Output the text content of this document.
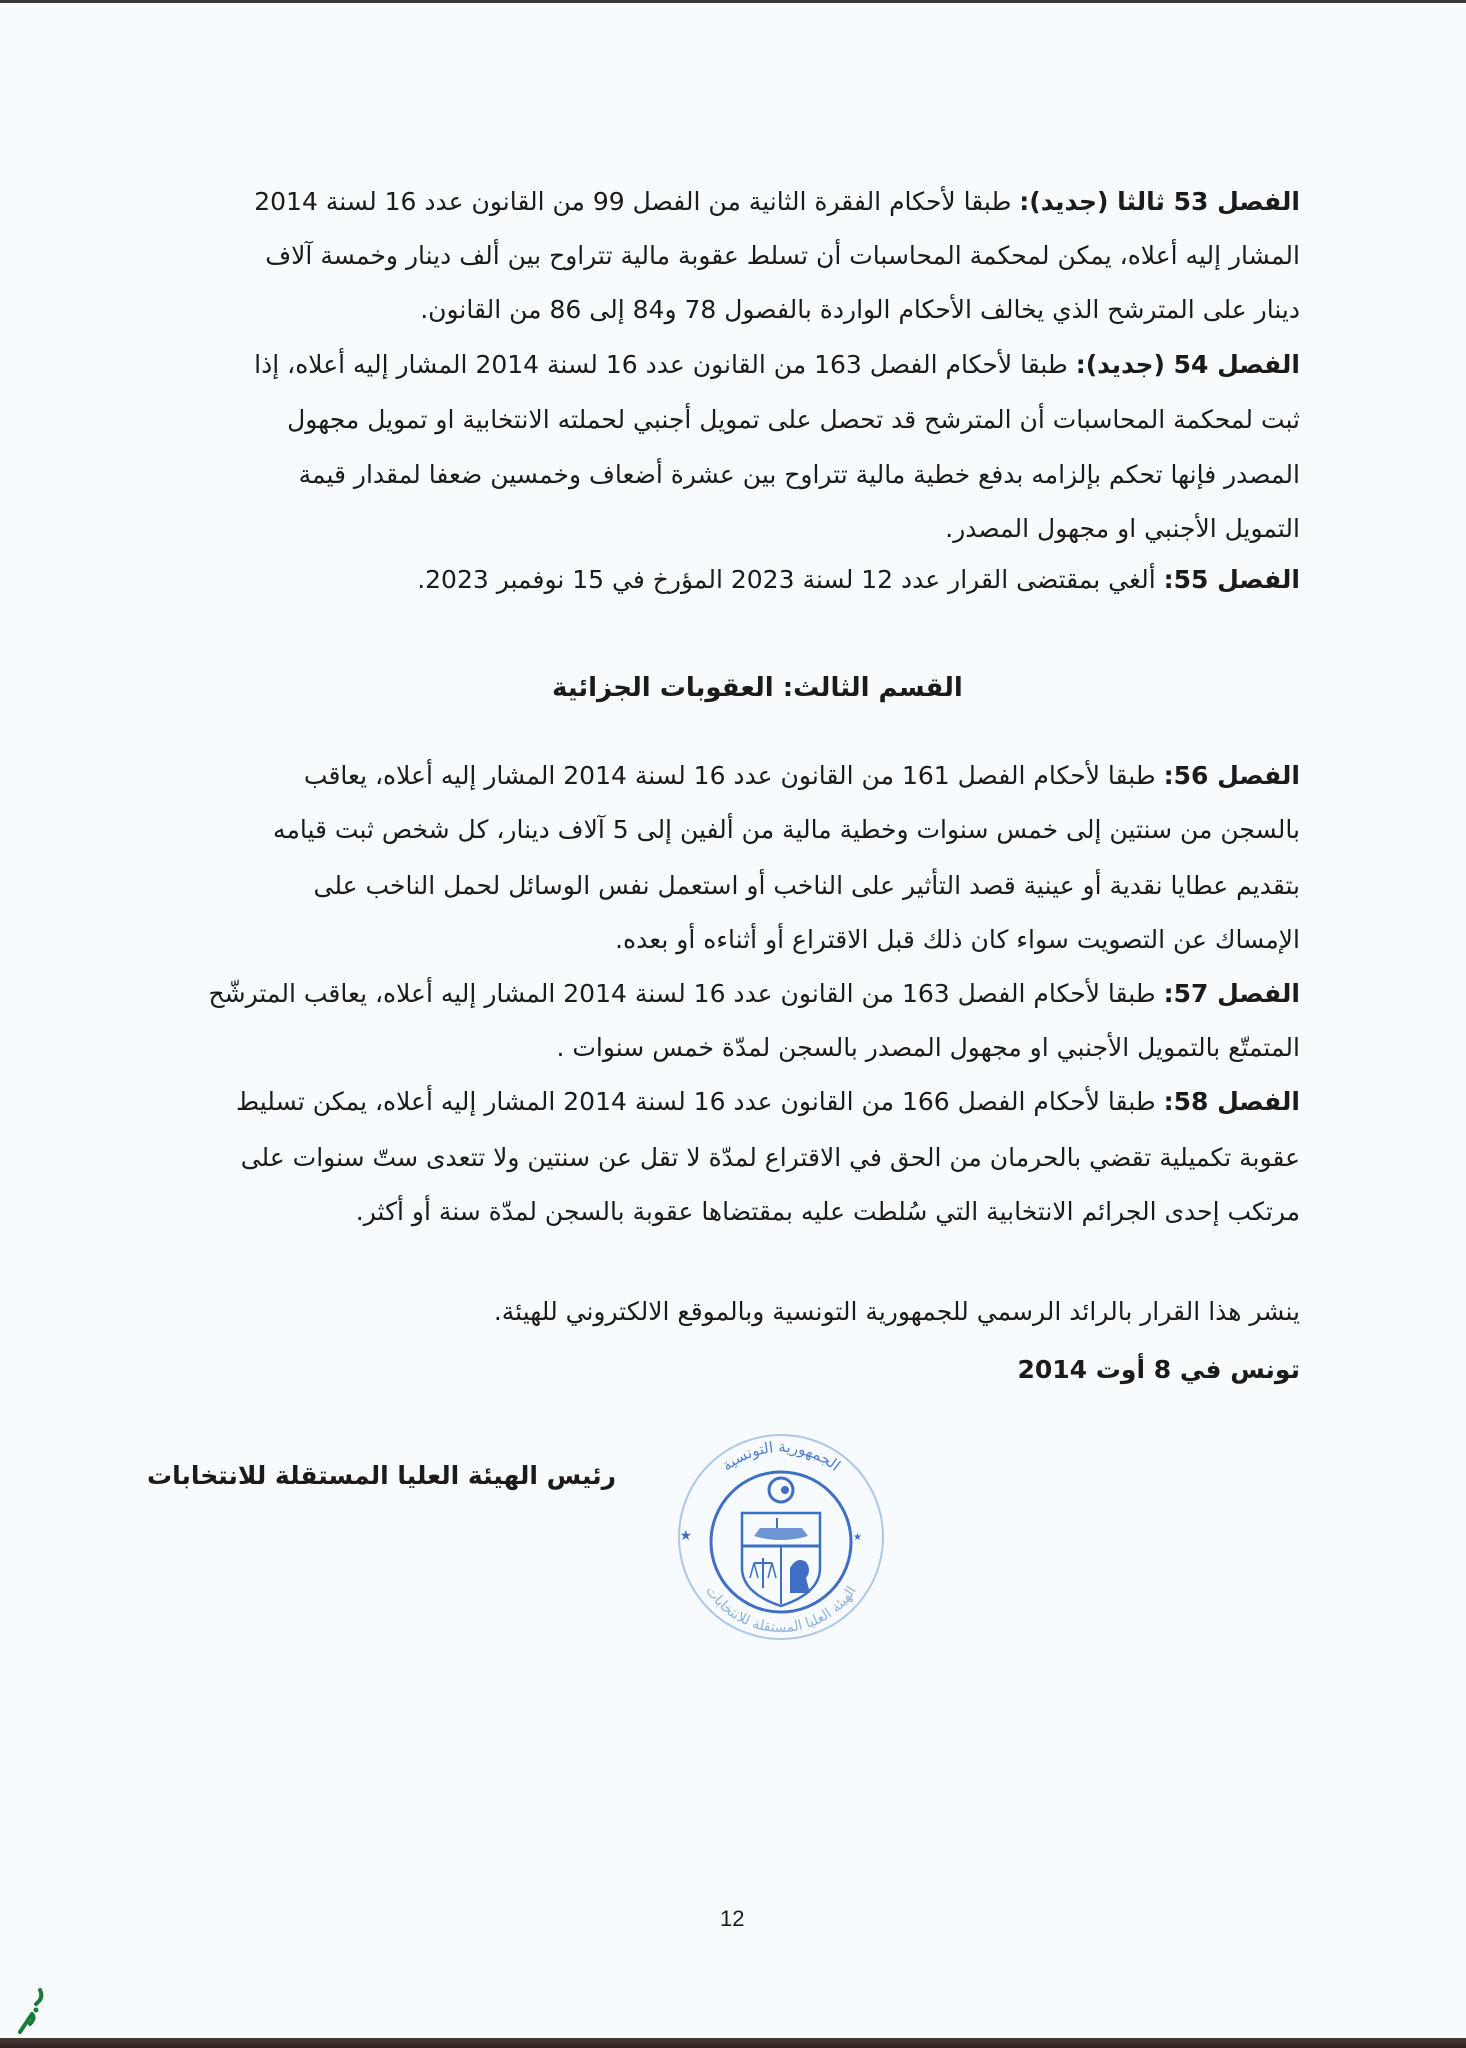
الفصل 53 ثالثا (جديد): طبقا لأحكام الفقرة الثانية من الفصل 99 من القانون عدد 16 لسنة 2014
المشار إليه أعلاه، يمكن لمحكمة المحاسبات أن تسلط عقوبة مالية تتراوح بين ألف دينار وخمسة آلاف
دينار على المترشح الذي يخالف الأحكام الواردة بالفصول 78 و84 إلى 86 من القانون.
الفصل 54 (جديد): طبقا لأحكام الفصل 163 من القانون عدد 16 لسنة 2014 المشار إليه أعلاه، إذا
ثبت لمحكمة المحاسبات أن المترشح قد تحصل على تمويل أجنبي لحملته الانتخابية او تمويل مجهول
المصدر فإنها تحكم بإلزامه بدفع خطية مالية تتراوح بين عشرة أضعاف وخمسين ضعفا لمقدار قيمة
التمويل الأجنبي او مجهول المصدر.
الفصل 55: ألغي بمقتضى القرار عدد 12 لسنة 2023 المؤرخ في 15 نوفمبر 2023.
القسم الثالث: العقوبات الجزائية
الفصل 56: طبقا لأحكام الفصل 161 من القانون عدد 16 لسنة 2014 المشار إليه أعلاه، يعاقب
بالسجن من سنتين إلى خمس سنوات وخطية مالية من ألفين إلى 5 آلاف دينار، كل شخص ثبت قيامه
بتقديم عطايا نقدية أو عينية قصد التأثير على الناخب أو استعمل نفس الوسائل لحمل الناخب على
الإمساك عن التصويت سواء كان ذلك قبل الاقتراع أو أثناءه أو بعده.
الفصل 57: طبقا لأحكام الفصل 163 من القانون عدد 16 لسنة 2014 المشار إليه أعلاه، يعاقب المترشّح
المتمتّع بالتمويل الأجنبي او مجهول المصدر بالسجن لمدّة خمس سنوات .
الفصل 58: طبقا لأحكام الفصل 166 من القانون عدد 16 لسنة 2014 المشار إليه أعلاه، يمكن تسليط
عقوبة تكميلية تقضي بالحرمان من الحق في الاقتراع لمدّة لا تقل عن سنتين ولا تتعدى ستّ سنوات على
مرتكب إحدى الجرائم الانتخابية التي سُلطت عليه بمقتضاها عقوبة بالسجن لمدّة سنة أو أكثر.
ينشر هذا القرار بالرائد الرسمي للجمهورية التونسية وبالموقع الالكتروني للهيئة.
تونس في 8 أوت 2014
رئيس الهيئة العليا المستقلة للانتخابات	الجمهورية التونسية
الهيئة العليا المستقلة للانتخابات
★	★
12
